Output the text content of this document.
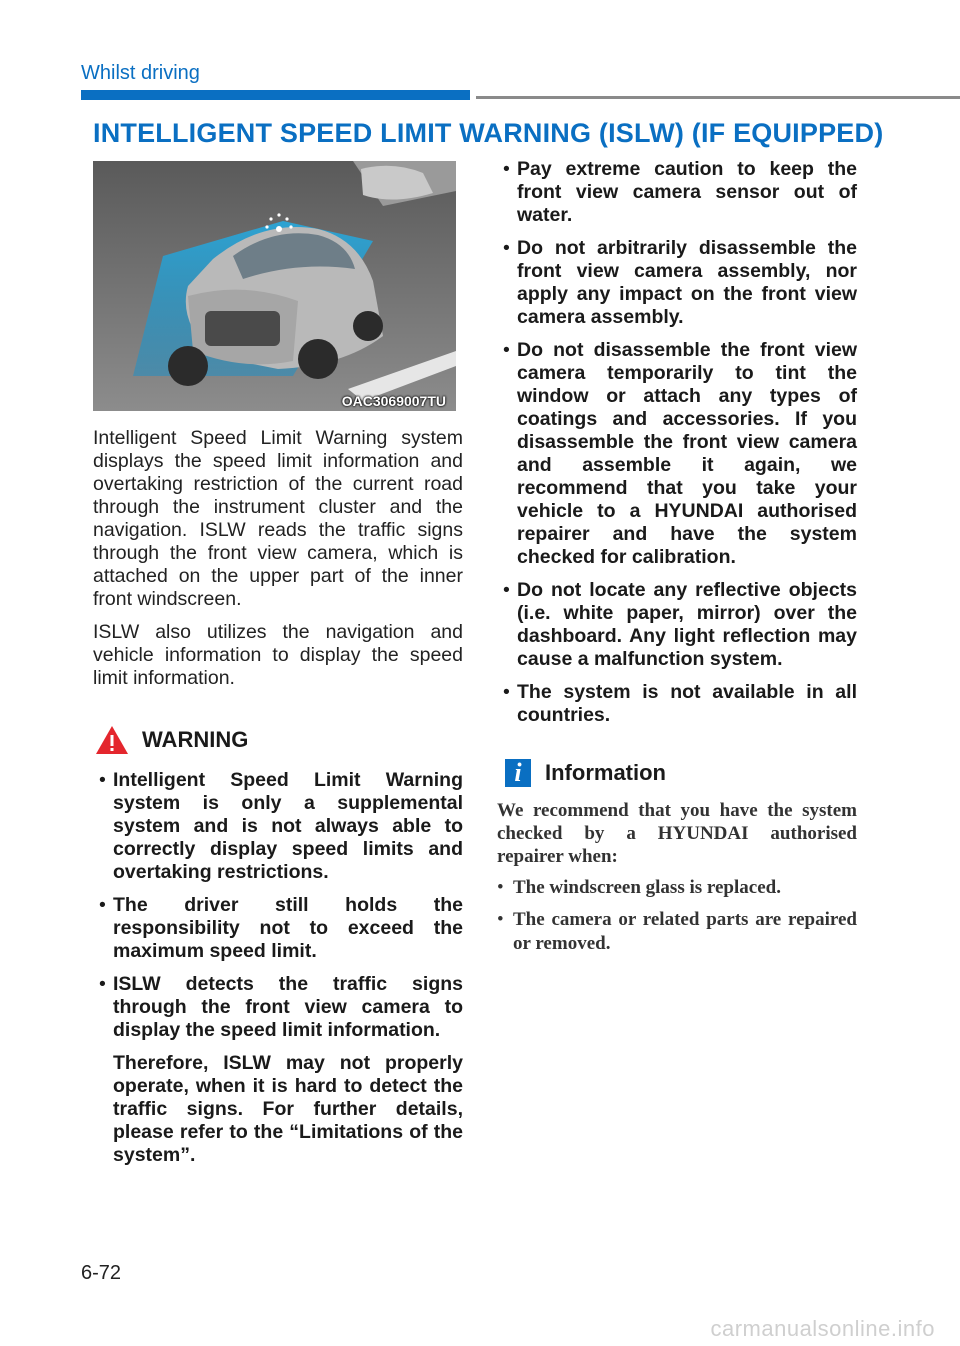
Whilst driving
INTELLIGENT SPEED LIMIT WARNING (ISLW) (IF EQUIPPED)
OAC3069007TU

Intelligent Speed Limit Warning system displays the speed limit information and overtaking restriction of the current road through the instrument cluster and the navigation. ISLW reads the traffic signs through the front view camera, which is attached on the upper part of the inner front windscreen.

ISLW also utilizes the navigation and vehicle information to display the speed limit information.

WARNING
• Intelligent Speed Limit Warning system is only a supplemental system and is not always able to correctly display speed limits and overtaking restrictions.
• The driver still holds the responsibility not to exceed the maximum speed limit.
• ISLW detects the traffic signs through the front view camera to display the speed limit information.
Therefore, ISLW may not properly operate, when it is hard to detect the traffic signs. For further details, please refer to the “Limitations of the system”.
• Pay extreme caution to keep the front view camera sensor out of water.
• Do not arbitrarily disassemble the front view camera assembly, nor apply any impact on the front view camera assembly.
• Do not disassemble the front view camera temporarily to tint the window or attach any types of coatings and accessories. If you disassemble the front view camera and assemble it again, we recommend that you take your vehicle to a HYUNDAI authorised repairer and have the system checked for calibration.
• Do not locate any reflective objects (i.e. white paper, mirror) over the dashboard. Any light reflection may cause a malfunction system.
• The system is not available in all countries.
i	Information

We recommend that you have the system checked by a HYUNDAI authorised repairer when:

• The windscreen glass is replaced.
• The camera or related parts are repaired or removed.
6-72
carmanualsonline.info
